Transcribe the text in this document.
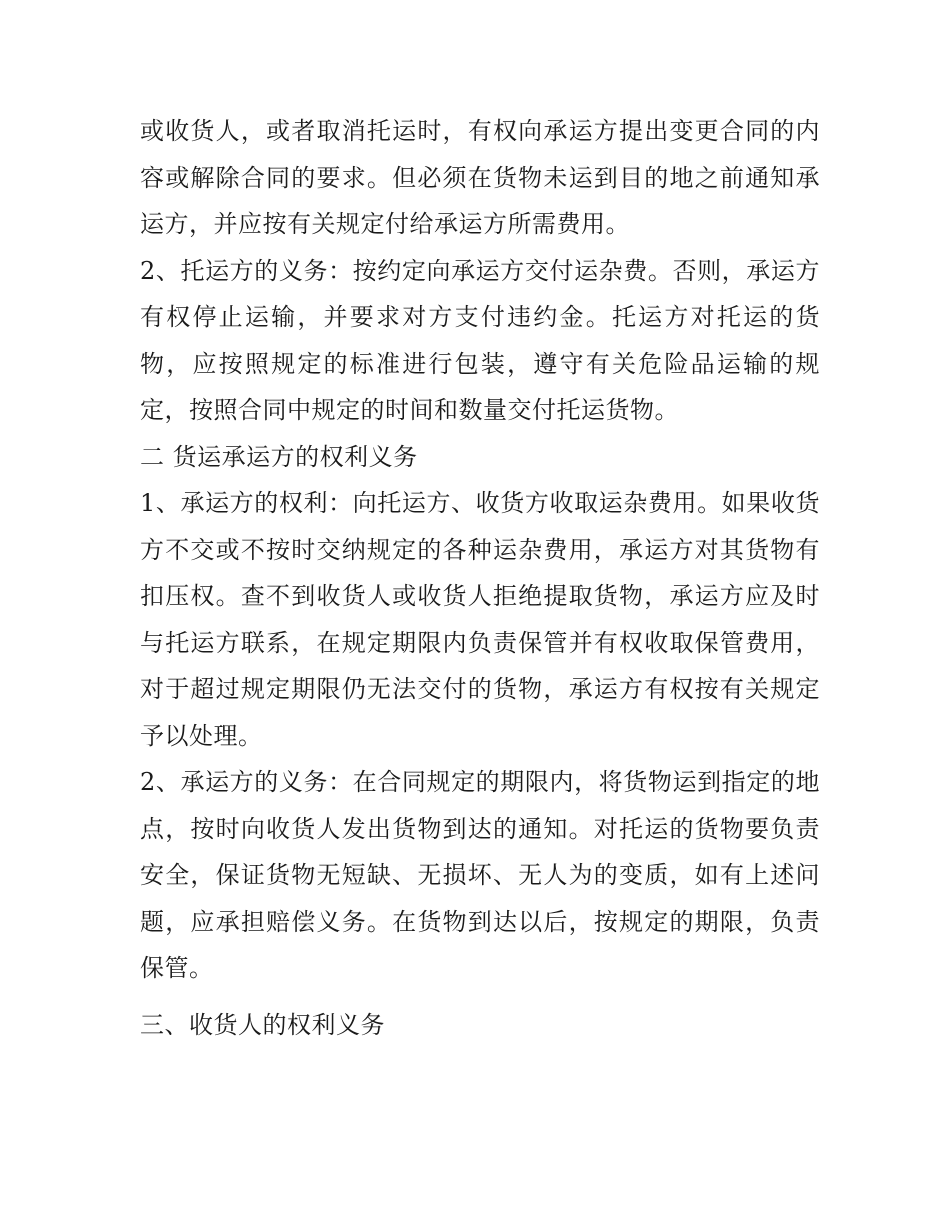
或收货人，或者取消托运时，有权向承运方提出变更合同的内容或解除合同的要求。但必须在货物未运到目的地之前通知承运方，并应按有关规定付给承运方所需费用。

2、托运方的义务：按约定向承运方交付运杂费。否则，承运方有权停止运输，并要求对方支付违约金。托运方对托运的货物，应按照规定的标准进行包装，遵守有关危险品运输的规定，按照合同中规定的时间和数量交付托运货物。

二 货运承运方的权利义务

1、承运方的权利：向托运方、收货方收取运杂费用。如果收货方不交或不按时交纳规定的各种运杂费用，承运方对其货物有扣压权。查不到收货人或收货人拒绝提取货物，承运方应及时与托运方联系，在规定期限内负责保管并有权收取保管费用，对于超过规定期限仍无法交付的货物，承运方有权按有关规定予以处理。

2、承运方的义务：在合同规定的期限内，将货物运到指定的地点，按时向收货人发出货物到达的通知。对托运的货物要负责安全，保证货物无短缺、无损坏、无人为的变质，如有上述问题，应承担赔偿义务。在货物到达以后，按规定的期限，负责保管。

三、收货人的权利义务
